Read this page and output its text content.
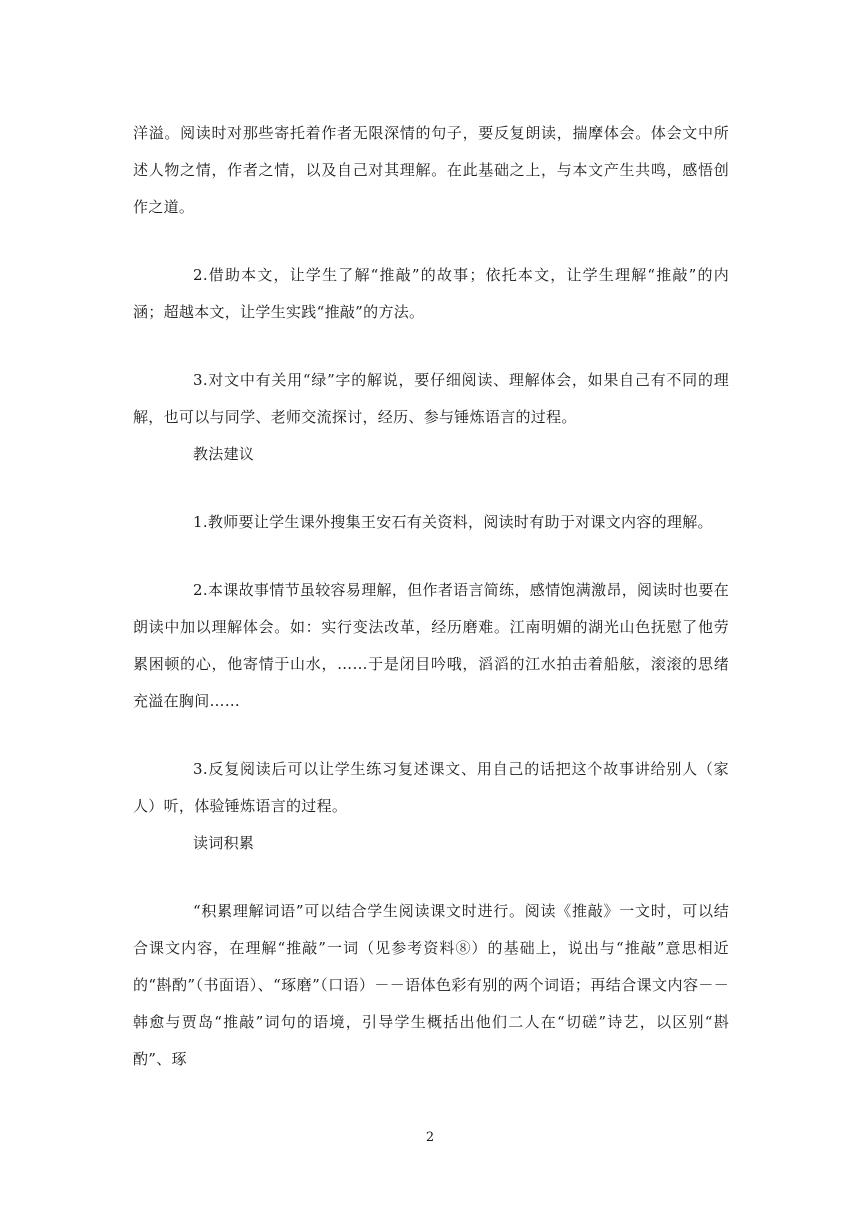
洋溢。阅读时对那些寄托着作者无限深情的句子，要反复朗读，揣摩体会。体会文中所述人物之情，作者之情，以及自己对其理解。在此基础之上，与本文产生共鸣，感悟创作之道。

2.借助本文，让学生了解“推敲”的故事；依托本文，让学生理解“推敲”的内涵；超越本文，让学生实践“推敲”的方法。

3.对文中有关用“绿”字的解说，要仔细阅读、理解体会，如果自己有不同的理解，也可以与同学、老师交流探讨，经历、参与锤炼语言的过程。

教法建议

1.教师要让学生课外搜集王安石有关资料，阅读时有助于对课文内容的理解。

2.本课故事情节虽较容易理解，但作者语言简练，感情饱满激昂，阅读时也要在朗读中加以理解体会。如：实行变法改革，经历磨难。江南明媚的湖光山色抚慰了他劳累困顿的心，他寄情于山水，……于是闭目吟哦，滔滔的江水拍击着船舷，滚滚的思绪充溢在胸间……

3.反复阅读后可以让学生练习复述课文、用自己的话把这个故事讲给别人（家人）听，体验锤炼语言的过程。

读词积累

“积累理解词语”可以结合学生阅读课文时进行。阅读《推敲》一文时，可以结合课文内容，在理解“推敲”一词（见参考资料⑧）的基础上，说出与“推敲”意思相近的“斟酌”（书面语）、“琢磨”（口语）－－语体色彩有别的两个词语；再结合课文内容－－韩愈与贾岛“推敲”词句的语境，引导学生概括出他们二人在“切磋”诗艺，以区别“斟酌”、琢

2
